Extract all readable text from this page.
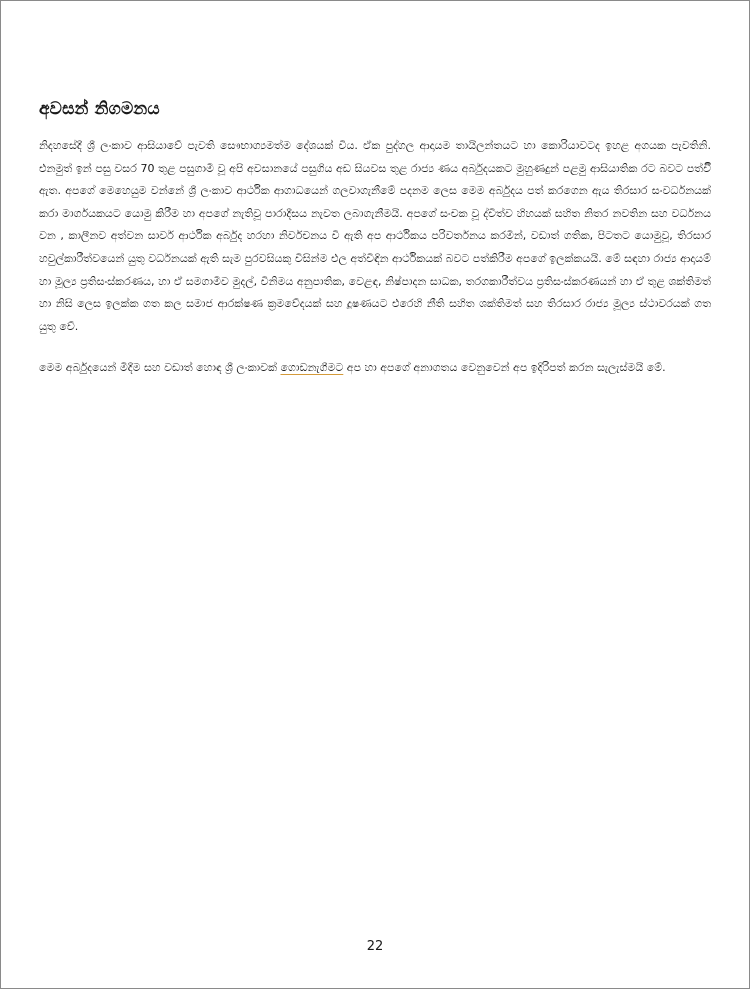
අවසන් නිගමනය

නිදහසේදී ශ්‍රී ලංකාව ආසියාවේ පැවති සෞභාග්‍යමත්ම දේශයක් විය. ඒක පුද්ගල ආදායම තායිලන්තයට හා කොරියාවටද ඉහළ අගයක පැවතිනි. එනමුත් ඉන් පසු වසර 70 තුළ පසුගාමී වූ අපි අවසානයේ පසුගිය අඩ සියවස තුළ රාජ්‍ය ණය අර්බුදයකට මුහුණදුන් පළමු ආසියාතික රට බවට පත්විී ඇත. අපගේ මෙහෙයුම වන්නේ ශ්‍රී ලංකාව ආර්ථික ආගාධයෙන් ගලවාගැනීමේ පදනම ලෙස මෙම අර්බුදය පත් කරගෙන ඇය තිරසාර සංවර්ධනයක් කරා මාර්ගයකයට යොමු කිරීම හා අපගේ නැතිවූ පාරාදීසය නැවත ලබාගැනීමයි. අපගේ සංචක වූ ද්විත්ව හිහයක් සහිත නිතර නවතින සහ වර්ධනය වන , කාලීනව අත්වන සාර්ව ආර්ථික අර්බුද හරහා නිර්වචනය වී ඇති අප ආර්ථිකය පරිවර්තනය කරමින්, වඩාත් ගතික, පිටතට යොමුවූ, තිරසාර හවුල්කාරීත්වයෙන් යුතු වර්ධනයක් ඇති සැම පුරවසියකු විසින්ම එල අත්විඳින ආර්ථිකයක් බවට පත්කිරීම අපගේ ඉලක්කයයි. මේ සඳහා රාජ්‍ය ආදායම් හා මූල්‍ය ප්‍රතිසංස්කරණය, හා ඒ සමගාමීව මුදල්, විනිමය අනුපාතික, වෙළඳ, නිෂ්පාදන සාධක, තරගකාරීත්වය ප්‍රතිසංස්කරණයන් හා ඒ තුළ ශක්තිමත් හා නිසි ලෙස ඉලක්ක ගත කල සමාජ ආරක්ෂණ ක්‍රමවේදයක් සහ දූෂණයට එරෙහි නීති සහිත ශක්තිමත් සහ තිරසාර රාජ්‍ය මූල්‍ය ස්ථාවරයක් ගත යුතු වේ.

මෙම අර්බුදයෙන් මිදීම සහ වඩාත් හොඳ ශ්‍රී ලංකාවක් ගොඩනැගීමට අප හා අපගේ අනාගතය වෙනුවෙන් අප ඉදිරිපත් කරන සැලැස්මයි මේ.

22
